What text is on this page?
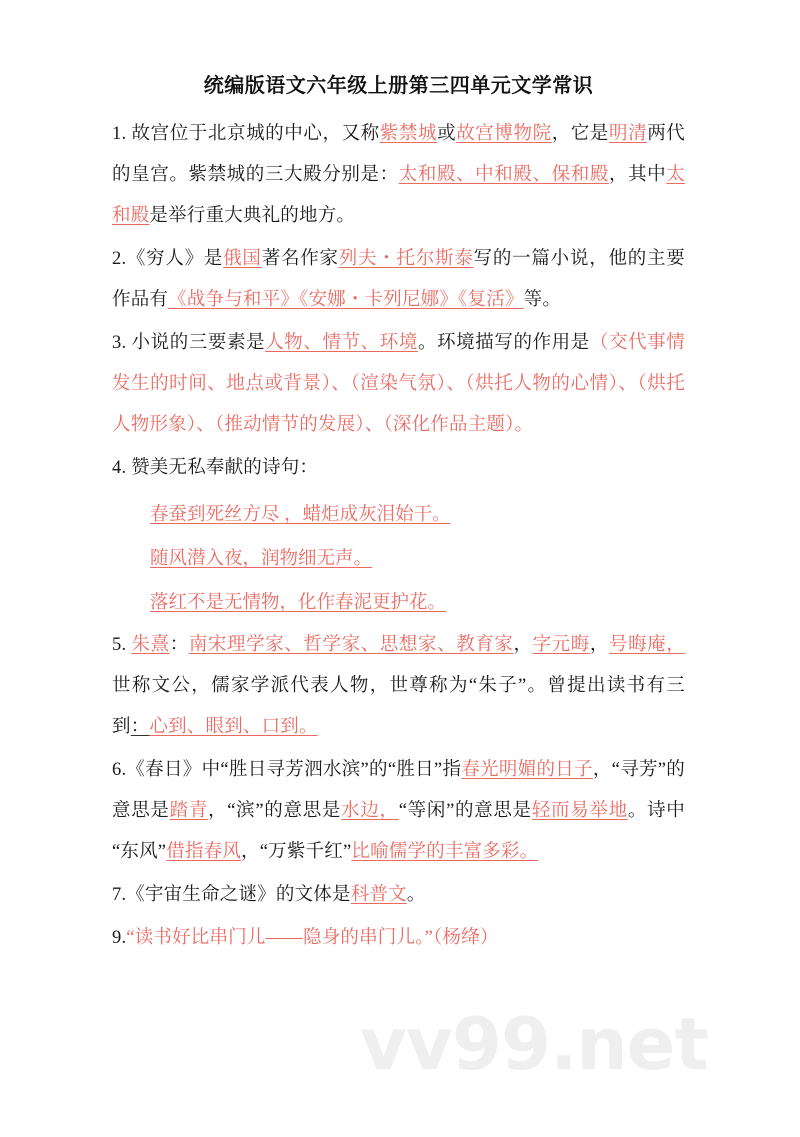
vv99.net
统编版语文六年级上册第三四单元文学常识

1. 故宫位于北京城的中心，又称紫禁城或故宫博物院，它是明清两代的皇宫。紫禁城的三大殿分别是：太和殿、中和殿、保和殿，其中太和殿是举行重大典礼的地方。

2.《穷人》是俄国著名作家列夫・托尔斯泰写的一篇小说，他的主要作品有《战争与和平》《安娜・卡列尼娜》《复活》等。

3. 小说的三要素是人物、情节、环境。环境描写的作用是（交代事情发生的时间、地点或背景）、（渲染气氛）、（烘托人物的心情）、（烘托人物形象）、（推动情节的发展）、（深化作品主题）。

4. 赞美无私奉献的诗句：

春蚕到死丝方尽 ，蜡炬成灰泪始干。

随风潜入夜，润物细无声。

落红不是无情物，化作春泥更护花。

5. 朱熹：南宋理学家、哲学家、思想家、教育家，字元晦，号晦庵，世称文公，儒家学派代表人物，世尊称为“朱子”。曾提出读书有三到：心到、眼到、口到。

6.《春日》中“胜日寻芳泗水滨”的“胜日”指春光明媚的日子，“寻芳”的意思是踏青，“滨”的意思是水边，“等闲”的意思是轻而易举地。诗中“东风”借指春风，“万紫千红”比喻儒学的丰富多彩。

7.《宇宙生命之谜》的文体是科普文。

9.“读书好比串门儿——隐身的串门儿。”（杨绛）
